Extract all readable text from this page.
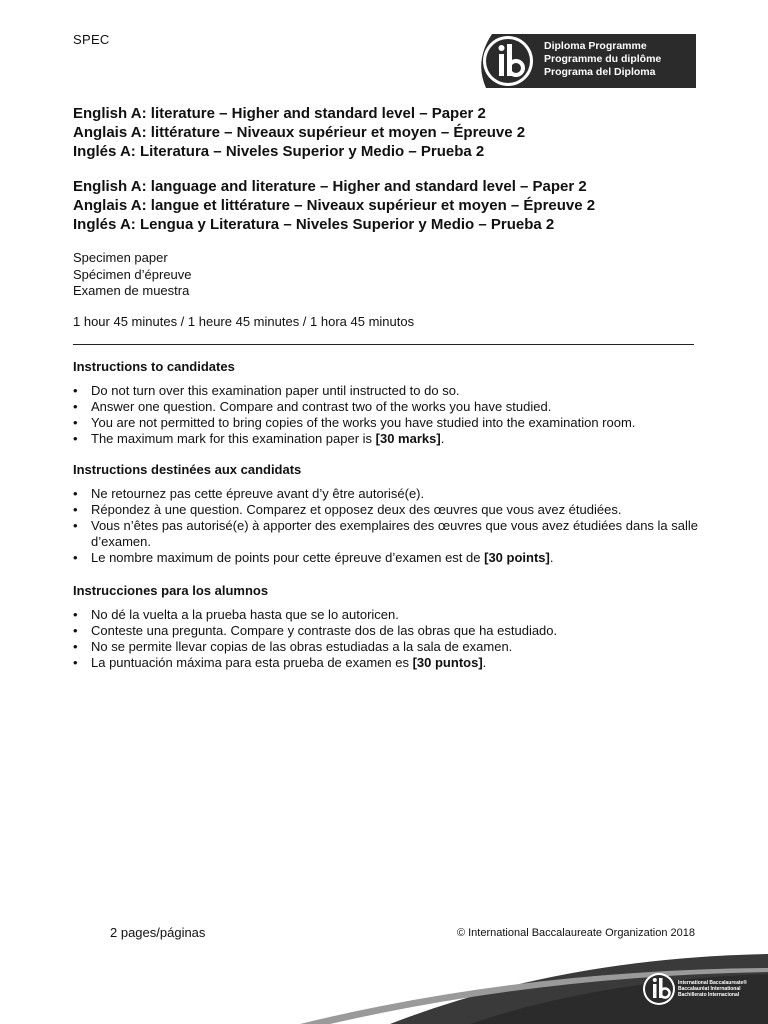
SPEC	Diploma Programme
Programme du diplôme
Programa del Diploma
English A: literature – Higher and standard level – Paper 2
Anglais A: littérature – Niveaux supérieur et moyen – Épreuve 2
Inglés A: Literatura – Niveles Superior y Medio – Prueba 2
English A: language and literature – Higher and standard level – Paper 2
Anglais A: langue et littérature – Niveaux supérieur et moyen – Épreuve 2
Inglés A: Lengua y Literatura – Niveles Superior y Medio – Prueba 2
Specimen paper
Spécimen d’épreuve
Examen de muestra
1 hour 45 minutes / 1 heure 45 minutes / 1 hora 45 minutos
Instructions to candidates
• Do not turn over this examination paper until instructed to do so.
• Answer one question. Compare and contrast two of the works you have studied.
• You are not permitted to bring copies of the works you have studied into the examination room.
• The maximum mark for this examination paper is [30 marks].
Instructions destinées aux candidats
• Ne retournez pas cette épreuve avant d’y être autorisé(e).
• Répondez à une question. Comparez et opposez deux des œuvres que vous avez étudiées.
• Vous n’êtes pas autorisé(e) à apporter des exemplaires des œuvres que vous avez étudiées dans la salle d’examen.
• Le nombre maximum de points pour cette épreuve d’examen est de [30 points].
Instrucciones para los alumnos
• No dé la vuelta a la prueba hasta que se lo autoricen.
• Conteste una pregunta. Compare y contraste dos de las obras que ha estudiado.
• No se permite llevar copias de las obras estudiadas a la sala de examen.
• La puntuación máxima para esta prueba de examen es [30 puntos].
2 pages/páginas	© International Baccalaureate Organization 2018
International Baccalaureate®
Baccalauréat International
Bachillerato Internacional
